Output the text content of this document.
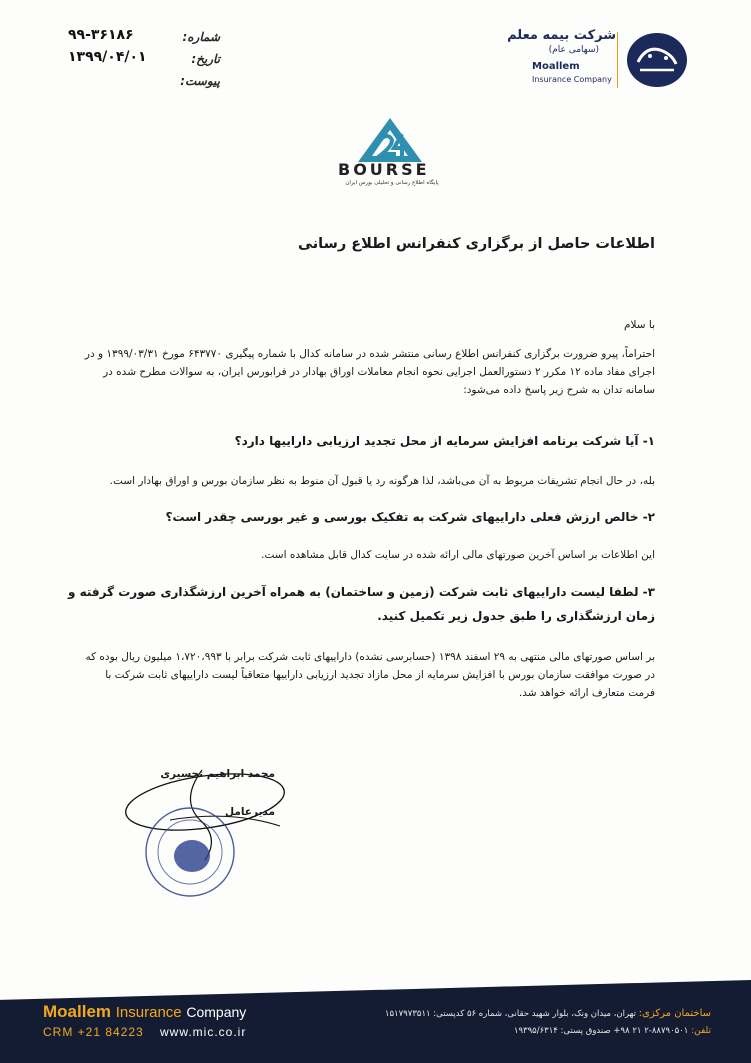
شماره:
۹۹-۳۶۱۸۶
تاریخ:
۱۳۹۹/۰۴/۰۱
پیوست:
شرکت بیمه معلم
(سهامی عام)
Moallem
Insurance Company
BOURSE
پایگاه اطلاع رسانی و تحلیلی بورس ایران
اطلاعات حاصل از برگزاری کنفرانس اطلاع رسانی
با سلام
احتراماً، پیرو ضرورت برگزاری کنفرانس اطلاع رسانی منتشر شده در سامانه کدال با شماره پیگیری ۶۴۳۷۷۰ مورخ ۱۳۹۹/۰۳/۳۱ و در اجرای مفاد ماده ۱۲ مکرر ۲ دستورالعمل اجرایی نحوه انجام معاملات اوراق بهادار در فرابورس ایران، به سوالات مطرح شده در سامانه تدان به شرح زیر پاسخ داده می‌شود:
۱- آیا شرکت برنامه افزایش سرمایه از محل تجدید ارزیابی داراییها دارد؟
بله، در حال انجام تشریفات مربوط به آن می‌باشد، لذا هرگونه رد یا قبول آن منوط به نظر سازمان بورس و اوراق بهادار است.
۲- خالص ارزش فعلی داراییهای شرکت به تفکیک بورسی و غیر بورسی چقدر است؟
این اطلاعات بر اساس آخرین صورتهای مالی ارائه شده در سایت کدال قابل مشاهده است.
۳- لطفا لیست داراییهای ثابت شرکت (زمین و ساختمان) به همراه آخرین ارزشگذاری صورت گرفته و زمان ارزشگذاری را طبق جدول زیر تکمیل کنید.
بر اساس صورتهای مالی منتهی به ۲۹ اسفند ۱۳۹۸ (حسابرسی نشده) داراییهای ثابت شرکت برابر با ۱،۷۲۰،۹۹۳ میلیون ریال بوده که در صورت موافقت سازمان بورس با افزایش سرمایه از محل مازاد تجدید ارزیابی داراییها متعاقباً لیست داراییهای ثابت شرکت با فرمت متعارف ارائه خواهد شد.
محمد ابراهیم تحسیری
مدیرعامل
Moallem Insurance Company
CRM +21 84223 www.mic.co.ir
ساختمان مرکزی: تهران، میدان ونک، بلوار شهید حقانی، شماره ۵۶ کدپستی: ۱۵۱۷۹۷۳۵۱۱
تلفن: ۸۸۷۹۰۵۰۱-۲ ۲۱ ۹۸+ صندوق پستی: ۱۹۳۹۵/۶۳۱۴
